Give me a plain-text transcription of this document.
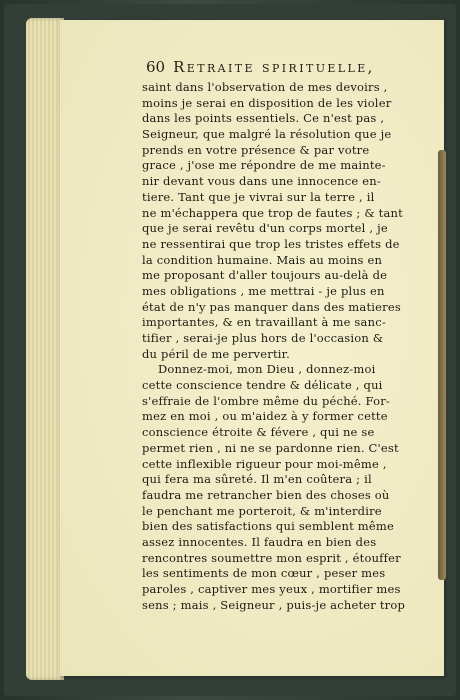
60 Retraite spirituelle,
saint dans l'observation de mes devoirs ,
moins je serai en disposition de les violer
dans les points essentiels. Ce n'est pas ,
Seigneur, que malgré la résolution que je
prends en votre présence & par votre
grace , j'ose me répondre de me mainte-
nir devant vous dans une innocence en-
tiere. Tant que je vivrai sur la terre , il
ne m'échappera que trop de fautes ; & tant
que je serai revêtu d'un corps mortel , je
ne ressentirai que trop les tristes effets de
la condition humaine. Mais au moins en
me proposant d'aller toujours au-delà de
mes obligations , me mettrai - je plus en
état de n'y pas manquer dans des matieres
importantes, & en travaillant à me sanc-
tifier , serai-je plus hors de l'occasion &
du péril de me pervertir.
Donnez-moi, mon Dieu , donnez-moi
cette conscience tendre & délicate , qui
s'effraie de l'ombre même du péché. For-
mez en moi , ou m'aidez à y former cette
conscience étroite & févere , qui ne se
permet rien , ni ne se pardonne rien. C'est
cette inflexible rigueur pour moi-même ,
qui fera ma sûreté. Il m'en coûtera ; il
faudra me retrancher bien des choses où
le penchant me porteroit, & m'interdire
bien des satisfactions qui semblent même
assez innocentes. Il faudra en bien des
rencontres soumettre mon esprit , étouffer
les sentiments de mon cœur , peser mes
paroles , captiver mes yeux , mortifier mes
sens ; mais , Seigneur , puis-je acheter trop
